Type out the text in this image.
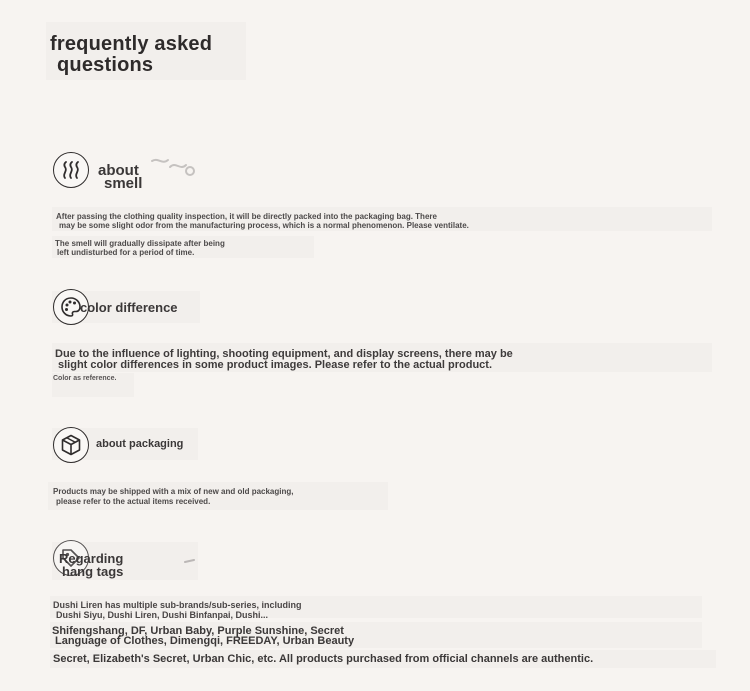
frequently asked
questions
about
smell
After passing the clothing quality inspection, it will be directly packed into the packaging bag. There
may be some slight odor from the manufacturing process, which is a normal phenomenon. Please ventilate.
The smell will gradually dissipate after being
left undisturbed for a period of time.
color difference
Due to the influence of lighting, shooting equipment, and display screens, there may be
slight color differences in some product images. Please refer to the actual product.
Color as reference.
about packaging
Products may be shipped with a mix of new and old packaging,
please refer to the actual items received.
Regarding
hang tags
Dushi Liren has multiple sub-brands/sub-series, including
Dushi Siyu, Dushi Liren, Dushi Binfanpai, Dushi...
Shifengshang, DF, Urban Baby, Purple Sunshine, Secret
Language of Clothes, Dimengqi, FREEDAY, Urban Beauty
Secret, Elizabeth's Secret, Urban Chic, etc. All products purchased from official channels are authentic.
